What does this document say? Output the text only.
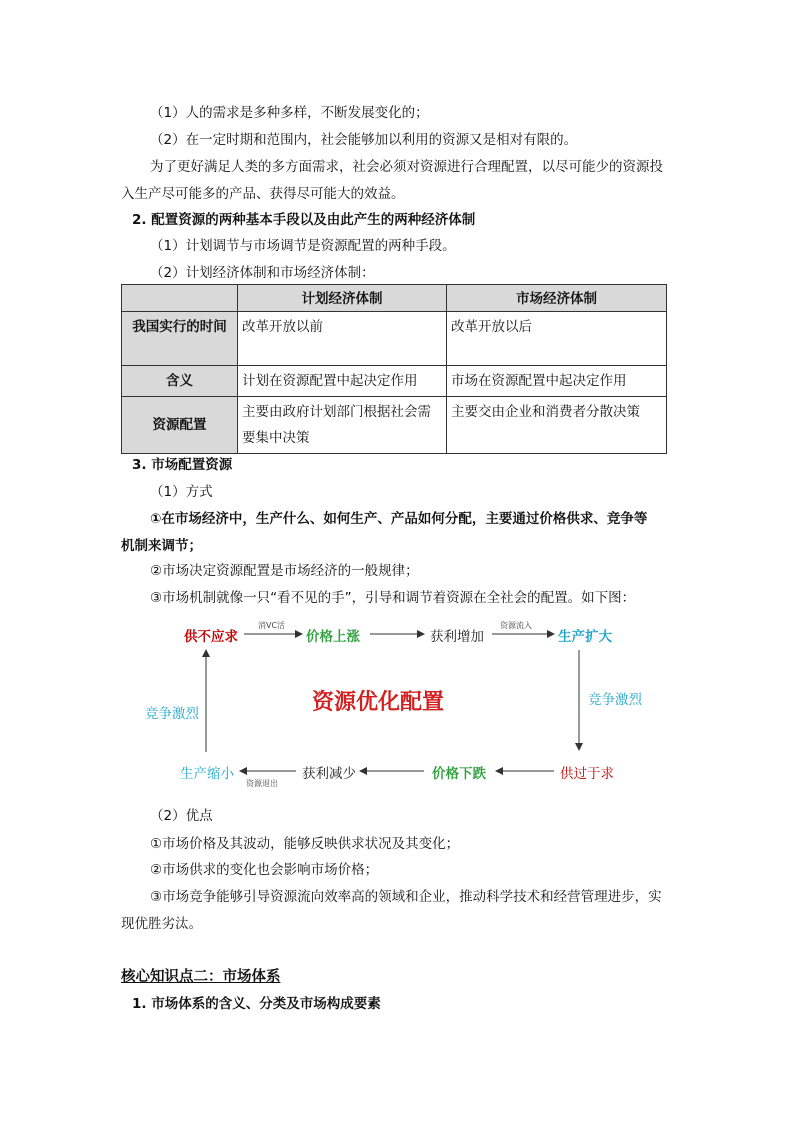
（1）人的需求是多种多样，不断发展变化的；
（2）在一定时期和范围内，社会能够加以利用的资源又是相对有限的。
为了更好满足人类的多方面需求，社会必须对资源进行合理配置，以尽可能少的资源投
入生产尽可能多的产品、获得尽可能大的效益。
2. 配置资源的两种基本手段以及由此产生的两种经济体制
（1）计划调节与市场调节是资源配置的两种手段。
（2）计划经济体制和市场经济体制：
	计划经济体制	市场经济体制
我国实行的时间	改革开放以前	改革开放以后
含义	计划在资源配置中起决定作用	市场在资源配置中起决定作用
资源配置	主要由政府计划部门根据社会需要集中决策	主要交由企业和消费者分散决策
3. 市场配置资源
（1）方式
①在市场经济中，生产什么、如何生产、产品如何分配，主要通过价格供求、竞争等
机制来调节；
②市场决定资源配置是市场经济的一般规律；
③市场机制就像一只“看不见的手”，引导和调节着资源在全社会的配置。如下图：
供不应求
消VC活
价格上涨	获利增加
资源流入
生产扩大
竞争激烈
竞争激烈	资源优化配置
生产缩小
资源退出
获利减少	价格下跌	供过于求
（2）优点
①市场价格及其波动，能够反映供求状况及其变化；
②市场供求的变化也会影响市场价格；
③市场竞争能够引导资源流向效率高的领域和企业，推动科学技术和经营管理进步，实
现优胜劣汰。
核心知识点二：市场体系
1. 市场体系的含义、分类及市场构成要素
